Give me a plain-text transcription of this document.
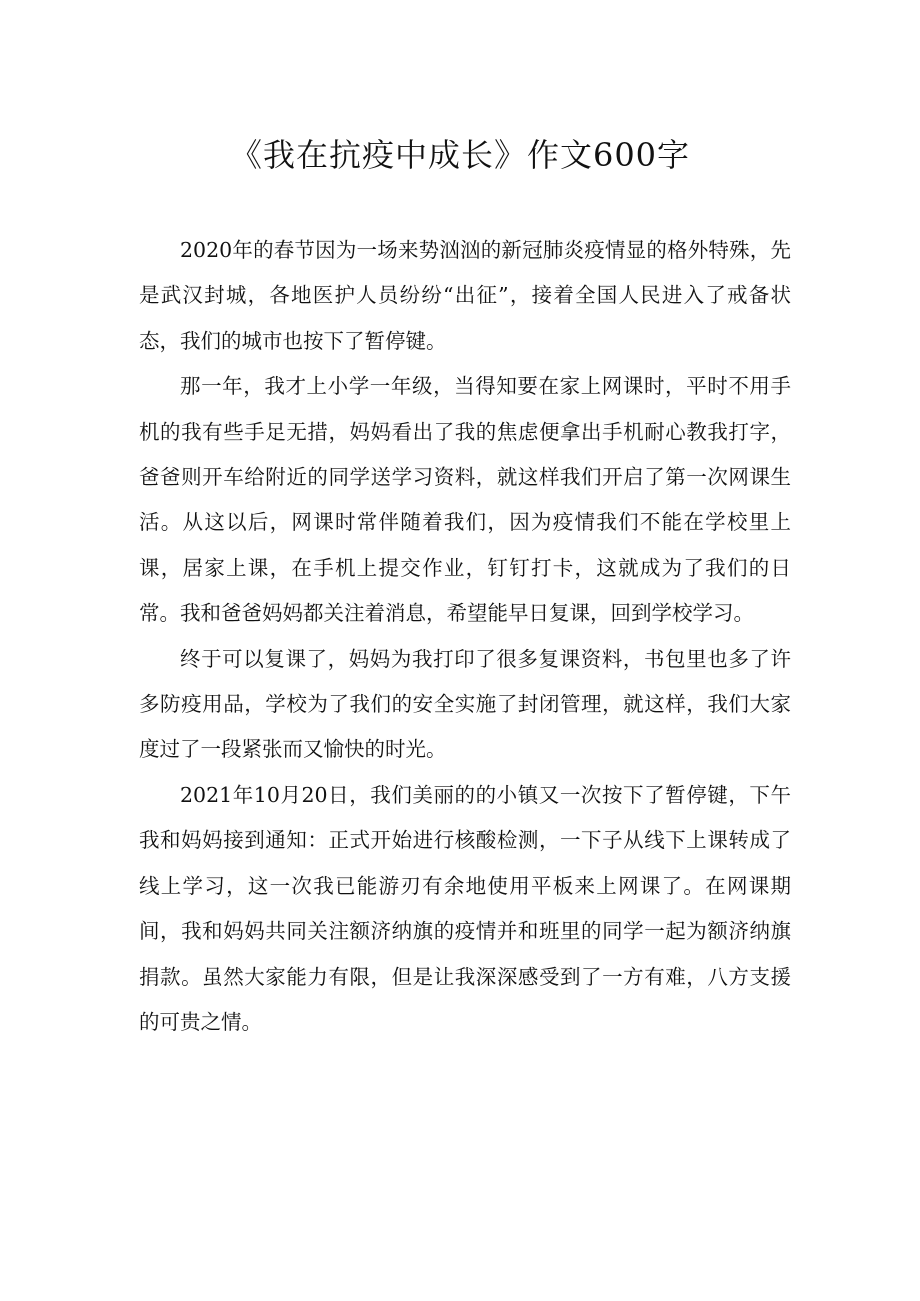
《我在抗疫中成长》作文600字

2020年的春节因为一场来势汹汹的新冠肺炎疫情显的格外特殊，先是武汉封城，各地医护人员纷纷“出征”，接着全国人民进入了戒备状态，我们的城市也按下了暂停键。

那一年，我才上小学一年级，当得知要在家上网课时，平时不用手机的我有些手足无措，妈妈看出了我的焦虑便拿出手机耐心教我打字，爸爸则开车给附近的同学送学习资料，就这样我们开启了第一次网课生活。从这以后，网课时常伴随着我们，因为疫情我们不能在学校里上课，居家上课，在手机上提交作业，钉钉打卡，这就成为了我们的日常。我和爸爸妈妈都关注着消息，希望能早日复课，回到学校学习。

终于可以复课了，妈妈为我打印了很多复课资料，书包里也多了许多防疫用品，学校为了我们的安全实施了封闭管理，就这样，我们大家度过了一段紧张而又愉快的时光。

2021年10月20日，我们美丽的的小镇又一次按下了暂停键，下午我和妈妈接到通知：正式开始进行核酸检测，一下子从线下上课转成了线上学习，这一次我已能游刃有余地使用平板来上网课了。在网课期间，我和妈妈共同关注额济纳旗的疫情并和班里的同学一起为额济纳旗捐款。虽然大家能力有限，但是让我深深感受到了一方有难，八方支援的可贵之情。
